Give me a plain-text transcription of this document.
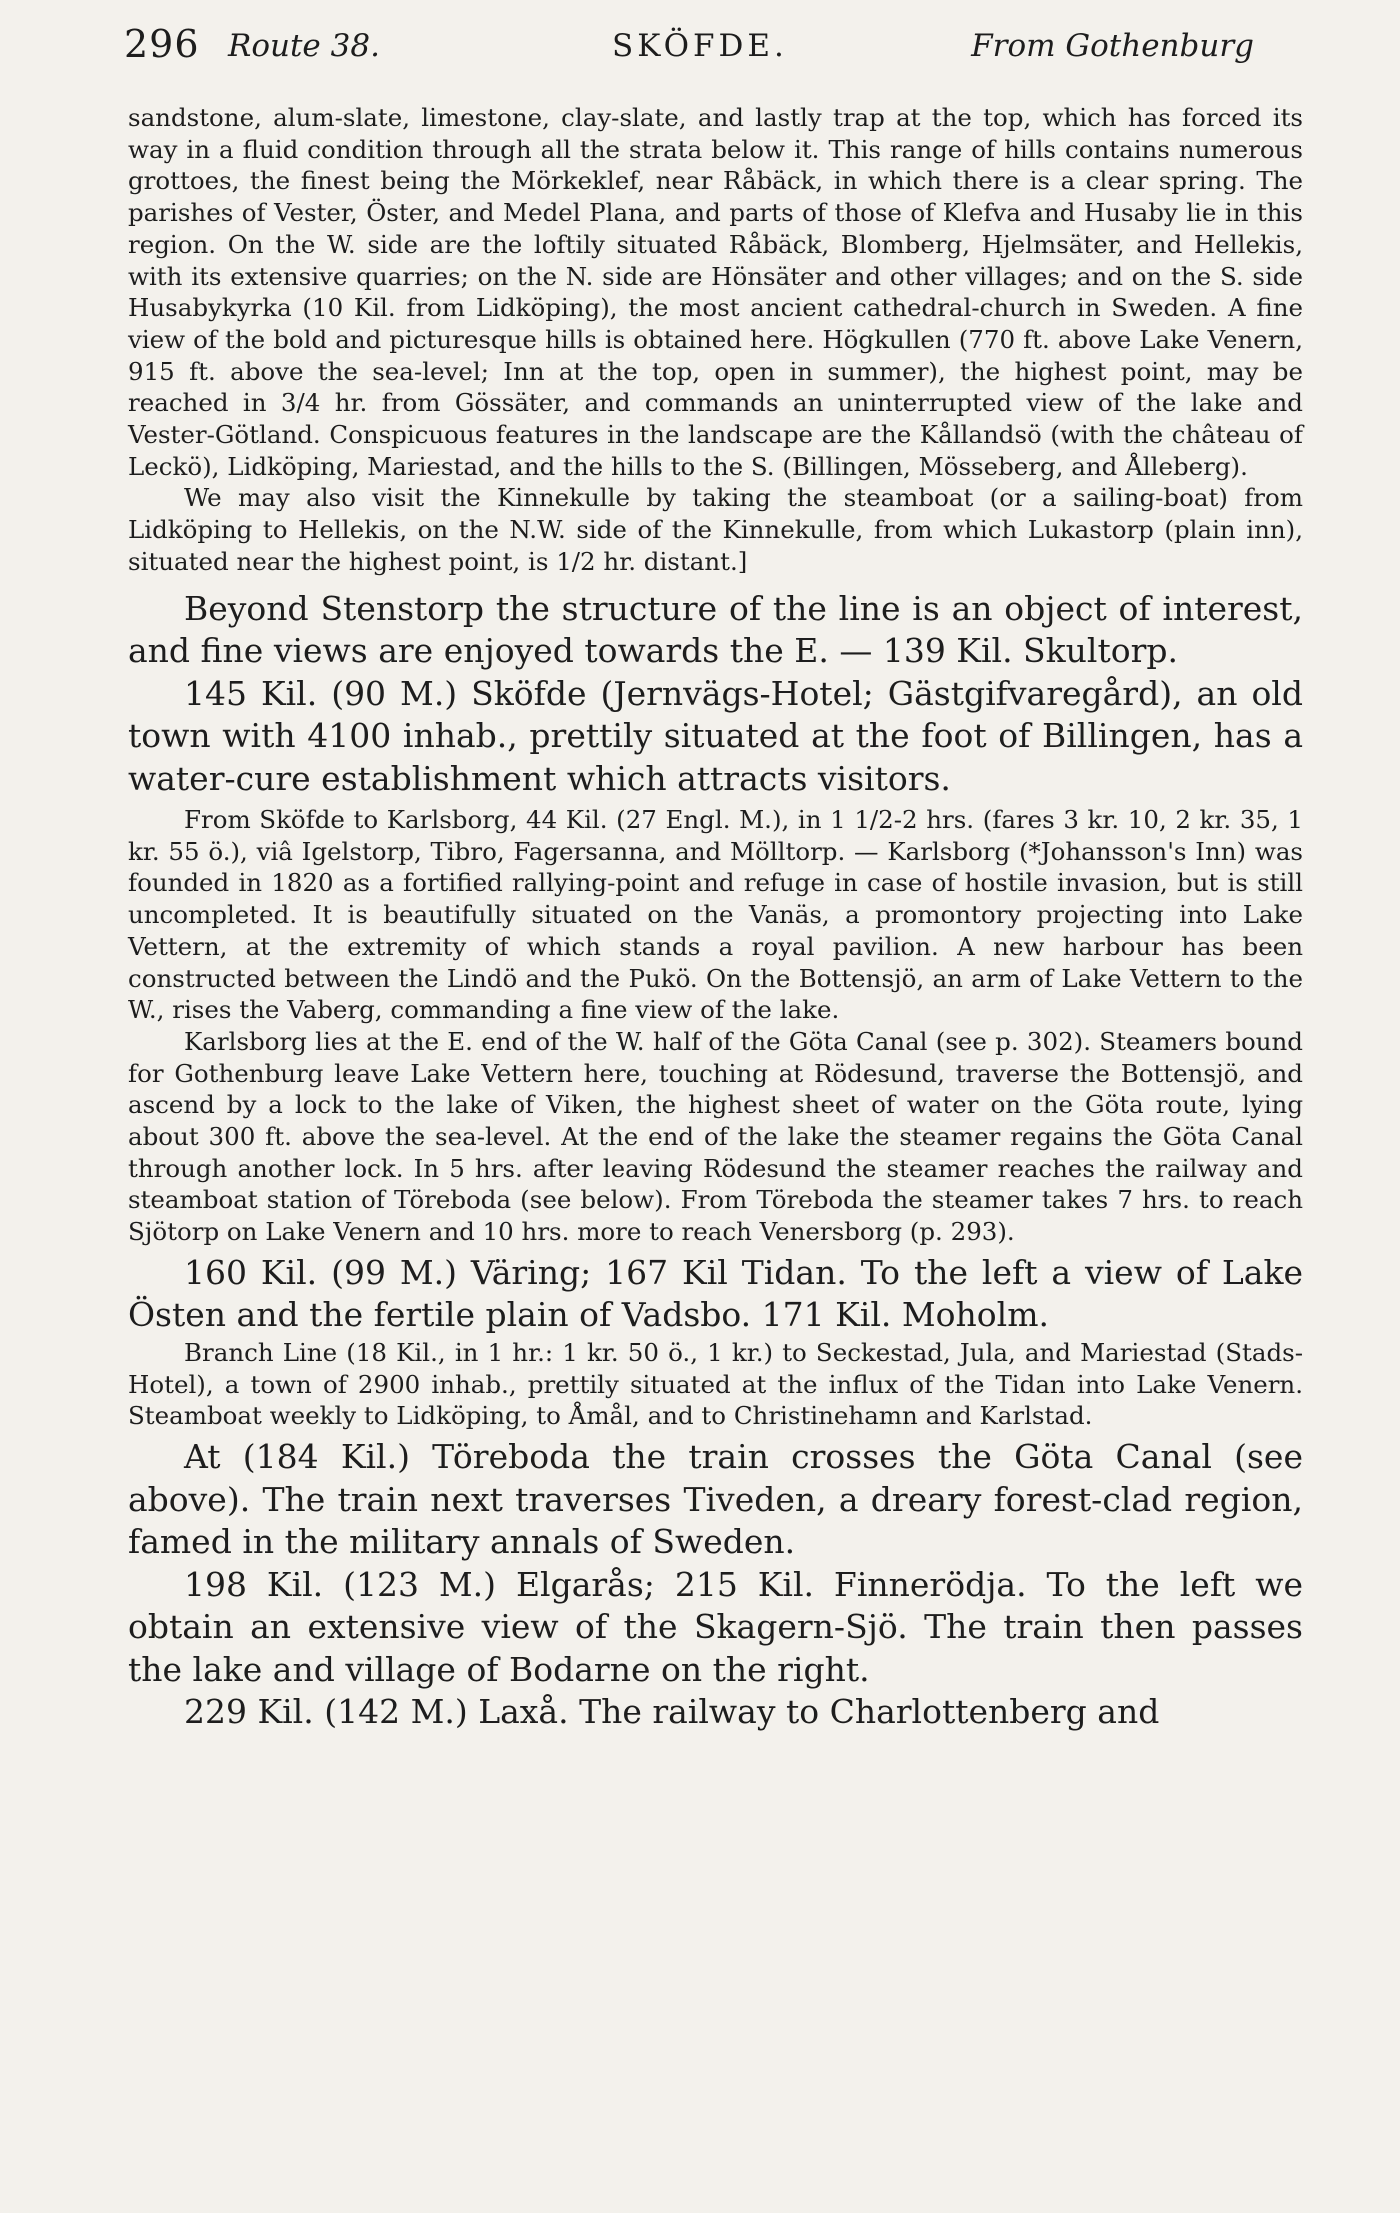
296 Route 38.	SKÖFDE.	From Gothenburg

sandstone, alum-slate, limestone, clay-slate, and lastly trap at the top, which has forced its way in a fluid condition through all the strata below it. This range of hills contains numerous grottoes, the finest being the Mörkeklef, near Råbäck, in which there is a clear spring. The parishes of Vester, Öster, and Medel Plana, and parts of those of Klefva and Husaby lie in this region. On the W. side are the loftily situated Råbäck, Blomberg, Hjelmsäter, and Hellekis, with its extensive quarries; on the N. side are Hönsäter and other villages; and on the S. side Husabykyrka (10 Kil. from Lidköping), the most ancient cathedral-church in Sweden. A fine view of the bold and picturesque hills is obtained here. Högkullen (770 ft. above Lake Venern, 915 ft. above the sea-level; Inn at the top, open in summer), the highest point, may be reached in 3/4 hr. from Gössäter, and commands an uninterrupted view of the lake and Vester-Götland. Conspicuous features in the landscape are the Kållandsö (with the château of Leckö), Lidköping, Mariestad, and the hills to the S. (Billingen, Mösseberg, and Ålleberg).

We may also visit the Kinnekulle by taking the steamboat (or a sailing-boat) from Lidköping to Hellekis, on the N.W. side of the Kinnekulle, from which Lukastorp (plain inn), situated near the highest point, is 1/2 hr. distant.]

Beyond Stenstorp the structure of the line is an object of interest, and fine views are enjoyed towards the E. — 139 Kil. Skultorp.

145 Kil. (90 M.) Sköfde (Jernvägs-Hotel; Gästgifvaregård), an old town with 4100 inhab., prettily situated at the foot of Billingen, has a water-cure establishment which attracts visitors.

From Sköfde to Karlsborg, 44 Kil. (27 Engl. M.), in 1 1/2-2 hrs. (fares 3 kr. 10, 2 kr. 35, 1 kr. 55 ö.), viâ Igelstorp, Tibro, Fagersanna, and Mölltorp. — Karlsborg (*Johansson's Inn) was founded in 1820 as a fortified rallying-point and refuge in case of hostile invasion, but is still uncompleted. It is beautifully situated on the Vanäs, a promontory projecting into Lake Vettern, at the extremity of which stands a royal pavilion. A new harbour has been constructed between the Lindö and the Pukö. On the Bottensjö, an arm of Lake Vettern to the W., rises the Vaberg, commanding a fine view of the lake.

Karlsborg lies at the E. end of the W. half of the Göta Canal (see p. 302). Steamers bound for Gothenburg leave Lake Vettern here, touching at Rödesund, traverse the Bottensjö, and ascend by a lock to the lake of Viken, the highest sheet of water on the Göta route, lying about 300 ft. above the sea-level. At the end of the lake the steamer regains the Göta Canal through another lock. In 5 hrs. after leaving Rödesund the steamer reaches the railway and steamboat station of Töreboda (see below). From Töreboda the steamer takes 7 hrs. to reach Sjötorp on Lake Venern and 10 hrs. more to reach Venersborg (p. 293).

160 Kil. (99 M.) Väring; 167 Kil Tidan. To the left a view of Lake Östen and the fertile plain of Vadsbo. 171 Kil. Moholm.

Branch Line (18 Kil., in 1 hr.: 1 kr. 50 ö., 1 kr.) to Seckestad, Jula, and Mariestad (Stads-Hotel), a town of 2900 inhab., prettily situated at the influx of the Tidan into Lake Venern. Steamboat weekly to Lidköping, to Åmål, and to Christinehamn and Karlstad.

At (184 Kil.) Töreboda the train crosses the Göta Canal (see above). The train next traverses Tiveden, a dreary forest-clad region, famed in the military annals of Sweden.

198 Kil. (123 M.) Elgarås; 215 Kil. Finnerödja. To the left we obtain an extensive view of the Skagern-Sjö. The train then passes the lake and village of Bodarne on the right.

229 Kil. (142 M.) Laxå. The railway to Charlottenberg and
